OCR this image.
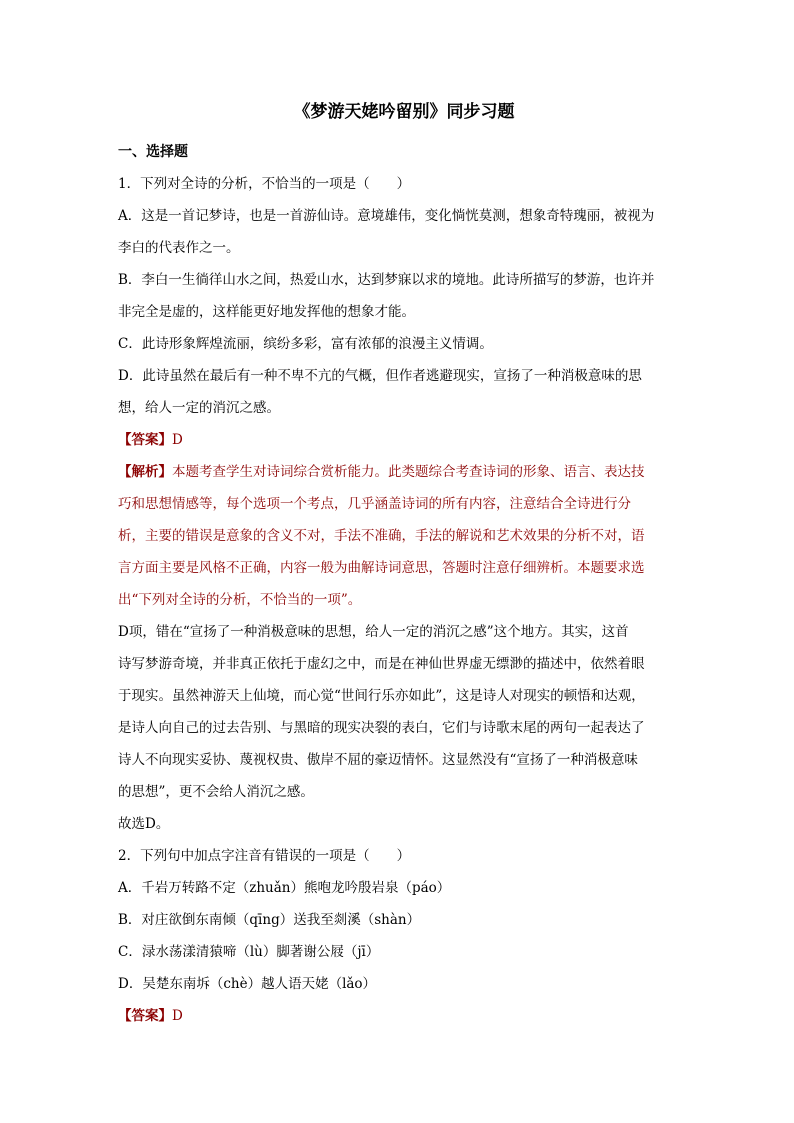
《梦游天姥吟留别》同步习题
一、选择题
1．下列对全诗的分析，不恰当的一项是（　　）
A．这是一首记梦诗，也是一首游仙诗。意境雄伟，变化惝恍莫测，想象奇特瑰丽，被视为
李白的代表作之一。
B．李白一生徜徉山水之间，热爱山水，达到梦寐以求的境地。此诗所描写的梦游，也许并
非完全是虚的，这样能更好地发挥他的想象才能。
C．此诗形象辉煌流丽，缤纷多彩，富有浓郁的浪漫主义情调。
D．此诗虽然在最后有一种不卑不亢的气概，但作者逃避现实，宣扬了一种消极意味的思
想，给人一定的消沉之感。
【答案】D
【解析】本题考查学生对诗词综合赏析能力。此类题综合考查诗词的形象、语言、表达技
巧和思想情感等，每个选项一个考点，几乎涵盖诗词的所有内容，注意结合全诗进行分
析，主要的错误是意象的含义不对，手法不准确，手法的解说和艺术效果的分析不对，语
言方面主要是风格不正确，内容一般为曲解诗词意思，答题时注意仔细辨析。本题要求选
出“下列对全诗的分析，不恰当的一项”。
D项，错在“宣扬了一种消极意味的思想，给人一定的消沉之感”这个地方。其实，这首
诗写梦游奇境，并非真正依托于虚幻之中，而是在神仙世界虚无缥渺的描述中，依然着眼
于现实。虽然神游天上仙境，而心觉“世间行乐亦如此”，这是诗人对现实的顿悟和达观，
是诗人向自己的过去告别、与黑暗的现实决裂的表白，它们与诗歌末尾的两句一起表达了
诗人不向现实妥协、蔑视权贵、傲岸不屈的豪迈情怀。这显然没有“宣扬了一种消极意味
的思想”，更不会给人消沉之感。
故选D。
2．下列句中加点字注音有错误的一项是（　　）
A．千岩万转路不定（zhuǎn）熊咆龙吟殷岩泉（páo）
B．对庄欲倒东南倾（qīng）送我至剡溪（shàn）
C．渌水荡漾清猿啼（lù）脚著谢公屐（jī）
D．吴楚东南坼（chè）越人语天姥（lǎo）
【答案】D
